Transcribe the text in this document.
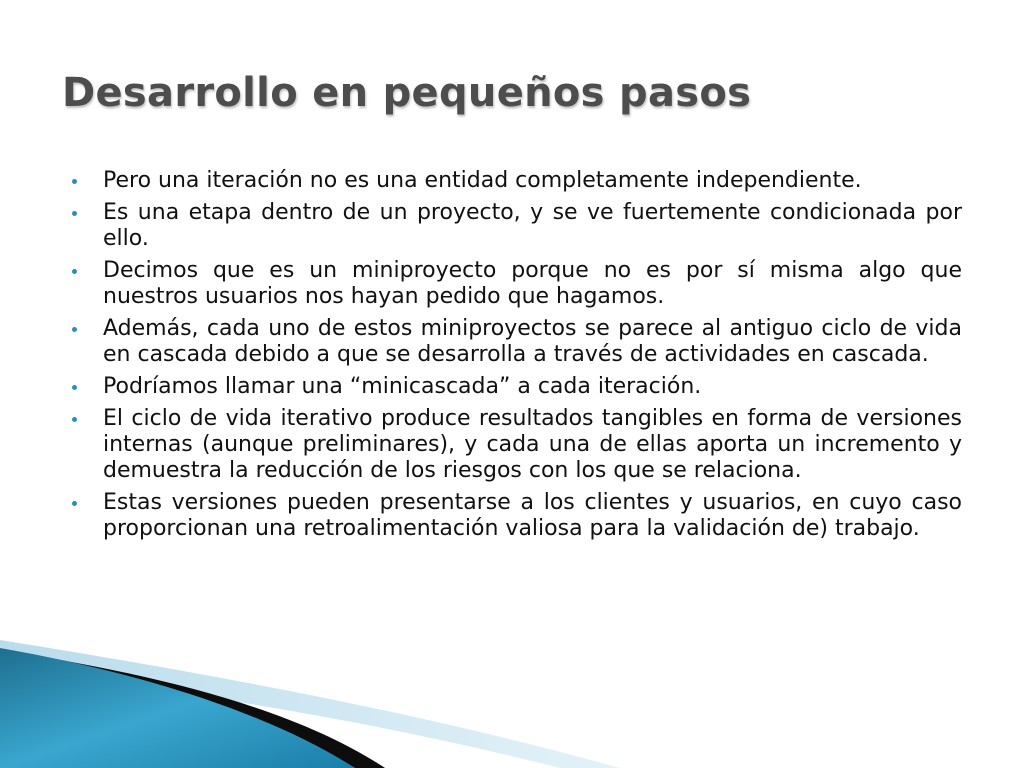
Desarrollo en pequeños pasos
Pero una iteración no es una entidad completamente independiente.
Es una etapa dentro de un proyecto, y se ve fuertemente condicionada por ello.
Decimos que es un miniproyecto porque no es por sí misma algo que nuestros usuarios nos hayan pedido que hagamos.
Además, cada uno de estos miniproyectos se parece al antiguo ciclo de vida en cascada debido a que se desarrolla a través de actividades en cascada.
Podríamos llamar una “minicascada” a cada iteración.
El ciclo de vida iterativo produce resultados tangibles en forma de versiones internas (aunque preliminares), y cada una de ellas aporta un incremento y demuestra la reducción de los riesgos con los que se relaciona.
Estas versiones pueden presentarse a los clientes y usuarios, en cuyo caso proporcionan una retroalimentación valiosa para la validación de) trabajo.
